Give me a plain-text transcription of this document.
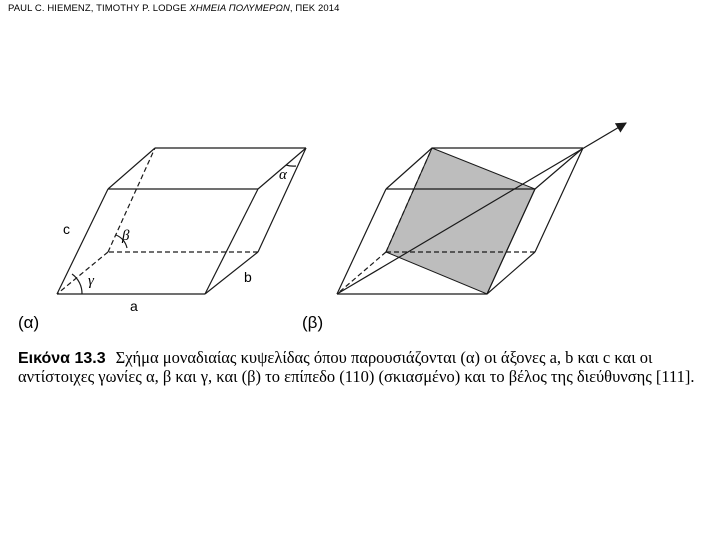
PAUL C. HIEMENZ, TIMOTHY P. LODGE ΧΗΜΕΙΑ ΠΟΛΥΜΕΡΩΝ, ΠΕΚ 2014
c
a
b
γ
β
α
(α)	(β)
Εικόνα 13.3 Σχήμα μοναδιαίας κυψελίδας όπου παρουσιάζονται (α) οι άξονες a, b και c και οι αντίστοιχες γωνίες α, β και γ, και (β) το επίπεδο (110) (σκιασμένο) και το βέλος της διεύθυνσης [111].
